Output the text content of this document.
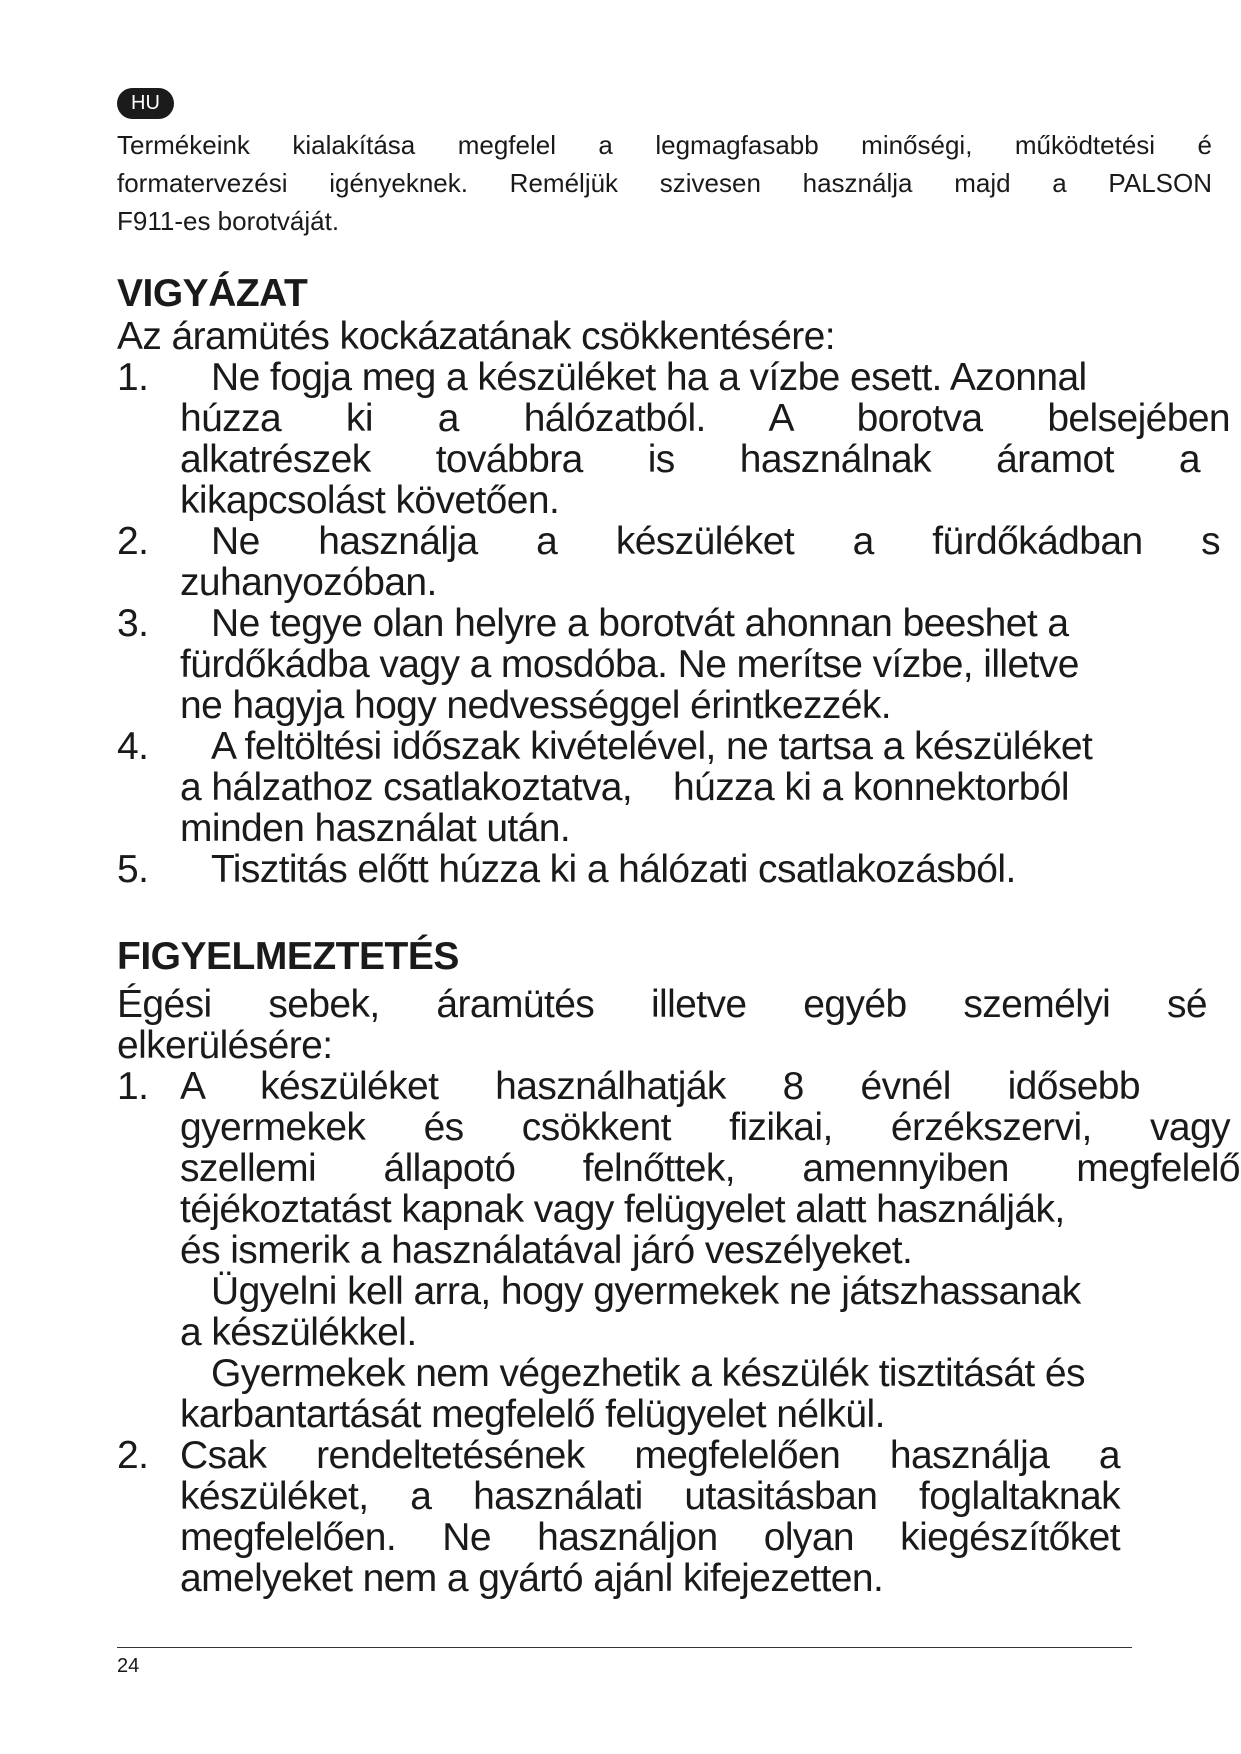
HU

Termékeink kialakítása megfelel a legmagfasabb minőségi, működtetési é

formatervezési igényeknek. Reméljük szivesen használja majd a PALSON

F911-es borotváját.

VIGYÁZAT

Az áramütés kockázatának csökkentésére:

1.	Ne fogja meg a készüléket ha a vízbe esett. Azonnal

húzza ki a hálózatból. A borotva belsejében

alkatrészek továbbra is használnak áramot a

kikapcsolást követően.

2.	Ne használja a készüléket a fürdőkádban s

zuhanyozóban.

3.	Ne tegye olan helyre a borotvát ahonnan beeshet a

fürdőkádba vagy a mosdóba. Ne merítse vízbe, illetve

ne hagyja hogy nedvességgel érintkezzék.

4.	A feltöltési időszak kivételével, ne tartsa a készüléket

a hálzathoz csatlakoztatva,    húzza ki a konnektorból

minden használat után.

5.	Tisztitás előtt húzza ki a hálózati csatlakozásból.

FIGYELMEZTETÉS

Égési sebek, áramütés illetve egyéb személyi sé

elkerülésére:

1. A készüléket használhatják 8 évnél idősebb

gyermekek és csökkent fizikai, érzékszervi, vagy

szellemi állapotó felnőttek, amennyiben megfelelő

téjékoztatást kapnak vagy felügyelet alatt használják,

és ismerik a használatával járó veszélyeket.

Ügyelni kell arra, hogy gyermekek ne játszhassanak

a készülékkel.

Gyermekek nem végezhetik a készülék tisztitását és

karbantartását megfelelő felügyelet nélkül.

2. Csak rendeltetésének megfelelően használja a

készüléket, a használati utasitásban foglaltaknak

megfelelően. Ne használjon olyan kiegészítőket

amelyeket nem a gyártó ajánl kifejezetten.

24
